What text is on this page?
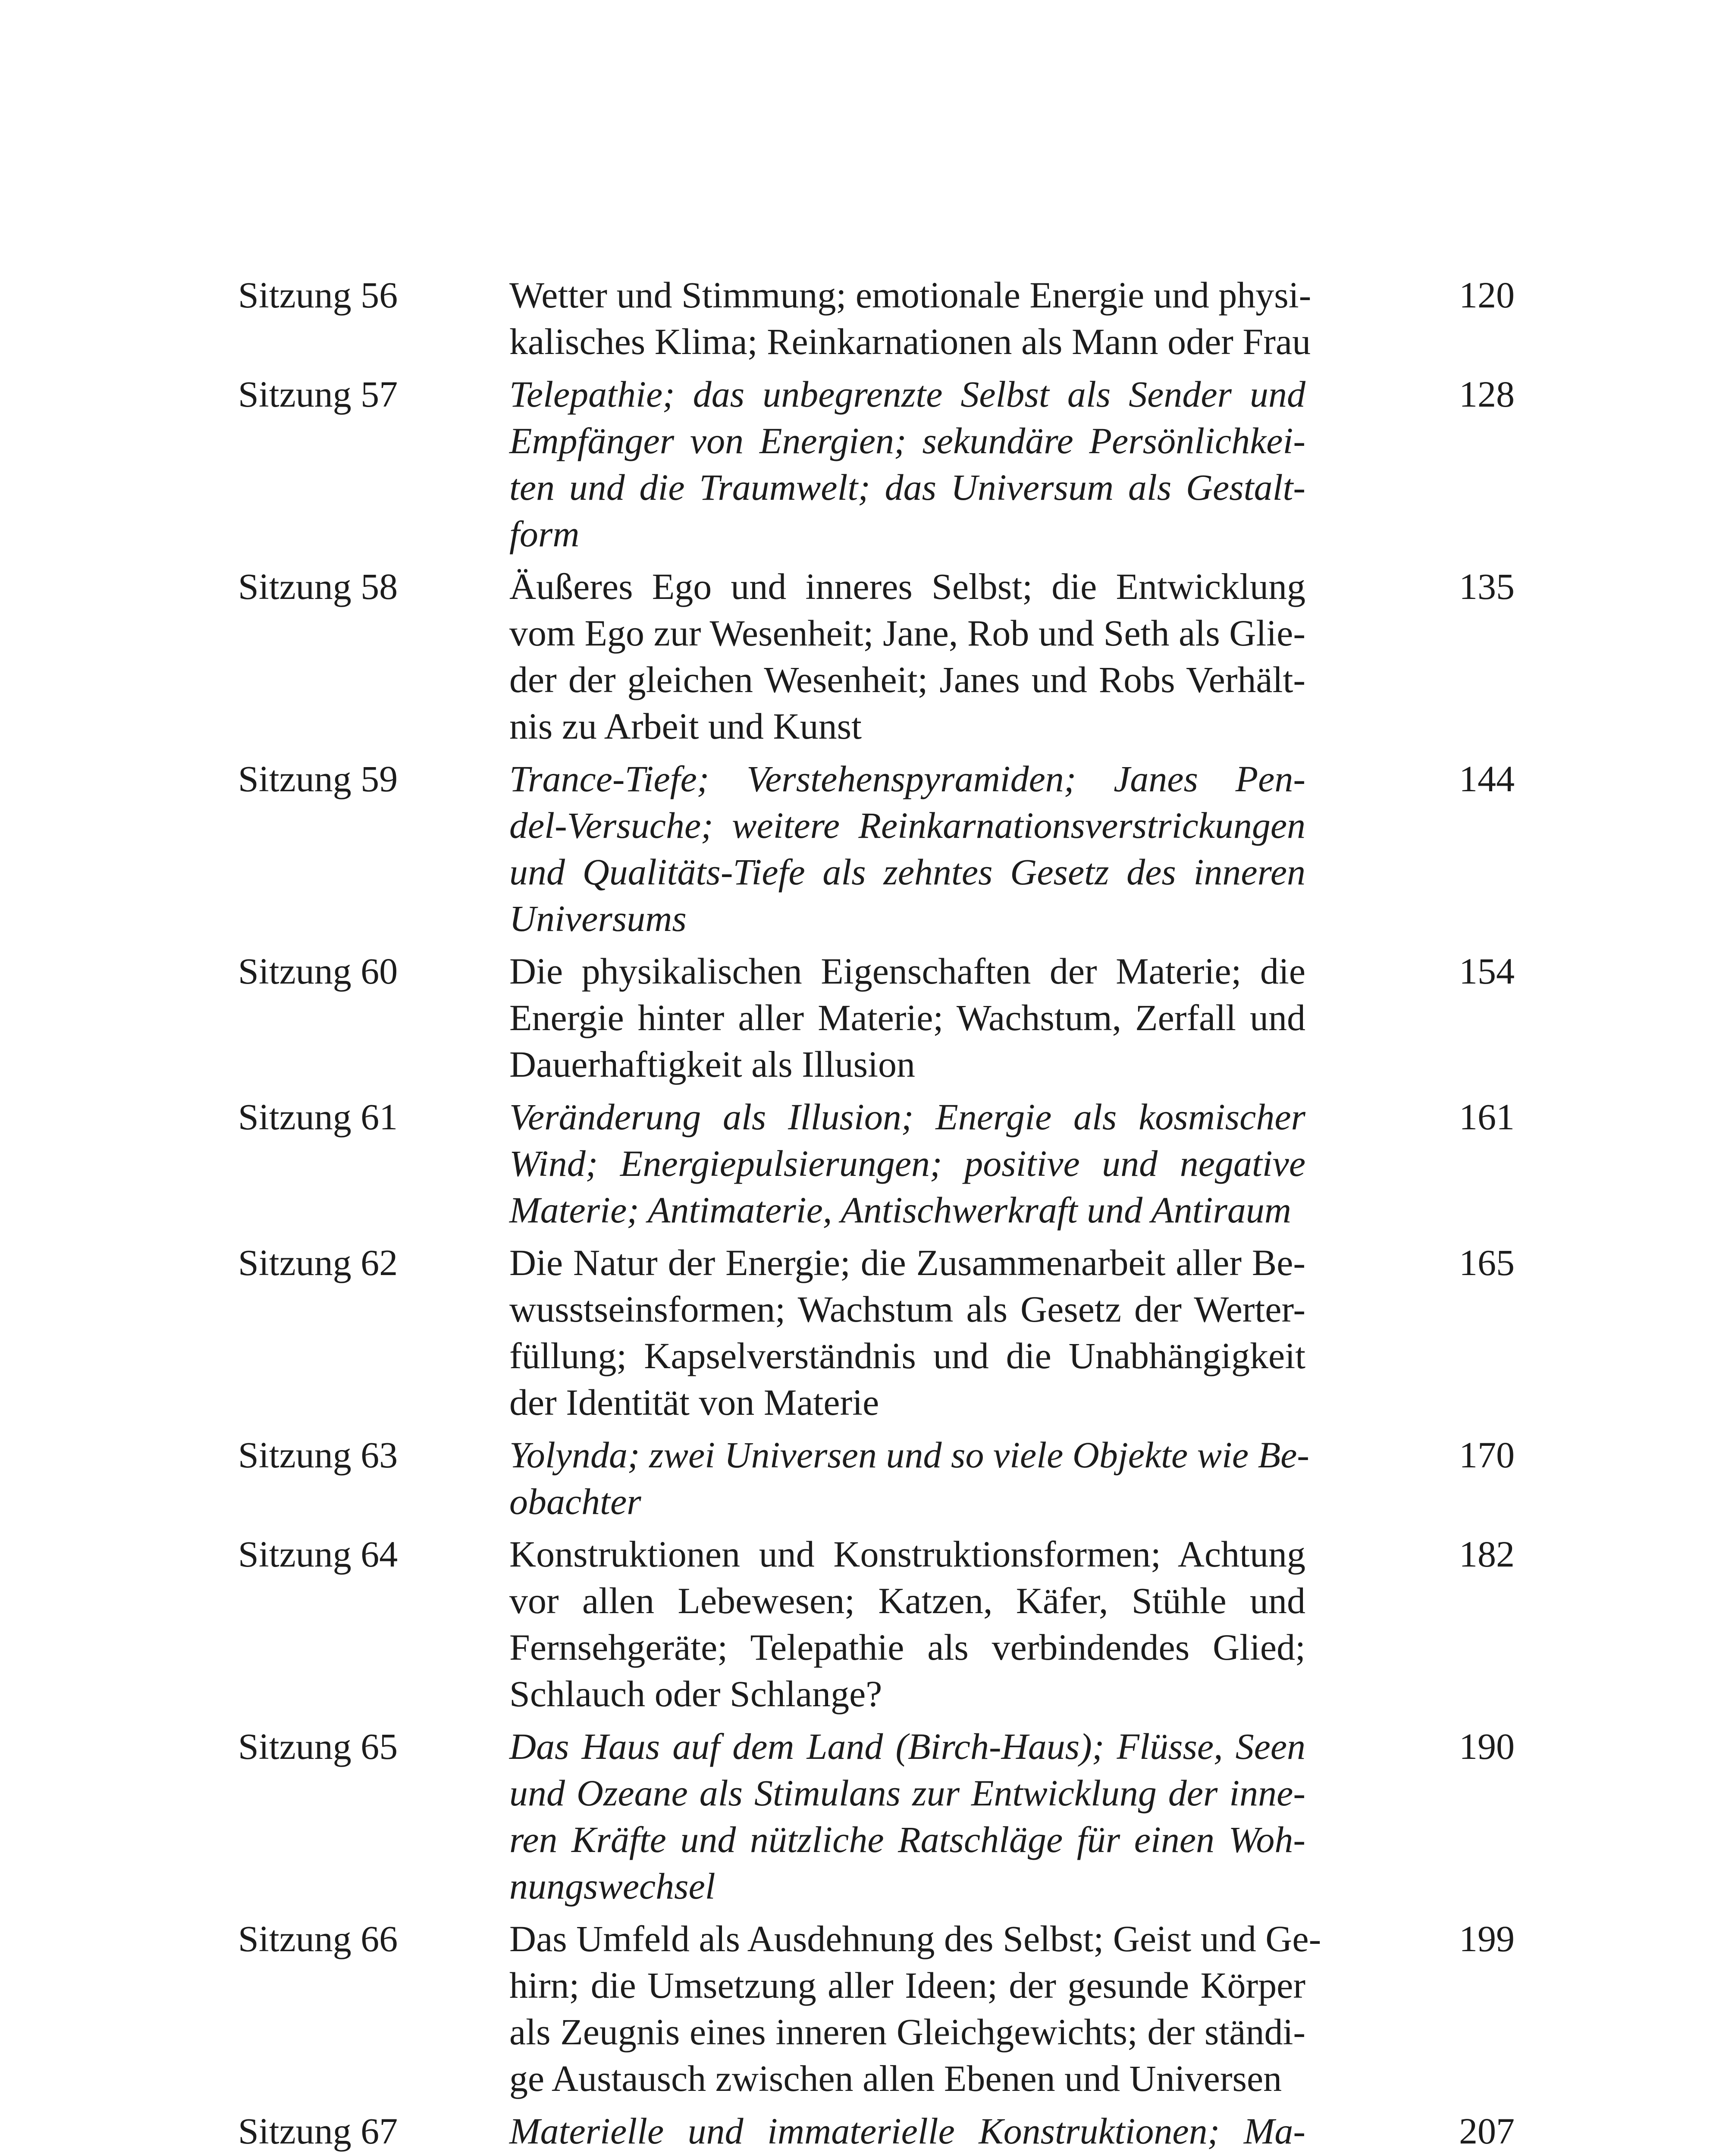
Sitzung 56	Wetter und Stimmung; emotionale Energie und physi-
kalisches Klima; Reinkarnationen als Mann oder Frau
120
Sitzung 57	Telepathie; das unbegrenzte Selbst als Sender und
Empfänger von Energien; sekundäre Persönlichkei-
ten und die Traumwelt; das Universum als Gestalt-
form
128
Sitzung 58	Äußeres Ego und inneres Selbst; die Entwicklung
vom Ego zur Wesenheit; Jane, Rob und Seth als Glie-
der der gleichen Wesenheit; Janes und Robs Verhält-
nis zu Arbeit und Kunst
135
Sitzung 59	Trance-Tiefe; Verstehenspyramiden; Janes Pen-
del-Versuche; weitere Reinkarnationsverstrickungen
und Qualitäts-Tiefe als zehntes Gesetz des inneren
Universums
144
Sitzung 60	Die physikalischen Eigenschaften der Materie; die
Energie hinter aller Materie; Wachstum, Zerfall und
Dauerhaftigkeit als Illusion
154
Sitzung 61	Veränderung als Illusion; Energie als kosmischer
Wind; Energiepulsierungen; positive und negative
Materie; Antimaterie, Antischwerkraft und Antiraum
161
Sitzung 62	Die Natur der Energie; die Zusammenarbeit aller Be-
wusstseinsformen; Wachstum als Gesetz der Werter-
füllung; Kapselverständnis und die Unabhängigkeit
der Identität von Materie
165
Sitzung 63	Yolynda; zwei Universen und so viele Objekte wie Be-
obachter
170
Sitzung 64	Konstruktionen und Konstruktionsformen; Achtung
vor allen Lebewesen; Katzen, Käfer, Stühle und
Fernsehgeräte; Telepathie als verbindendes Glied;
Schlauch oder Schlange?
182
Sitzung 65	Das Haus auf dem Land (Birch-Haus); Flüsse, Seen
und Ozeane als Stimulans zur Entwicklung der inne-
ren Kräfte und nützliche Ratschläge für einen Woh-
nungswechsel
190
Sitzung 66	Das Umfeld als Ausdehnung des Selbst; Geist und Ge-
hirn; die Umsetzung aller Ideen; der gesunde Körper
als Zeugnis eines inneren Gleichgewichts; der ständi-
ge Austausch zwischen allen Ebenen und Universen
199
Sitzung 67	Materielle und immaterielle Konstruktionen; Ma-	207
